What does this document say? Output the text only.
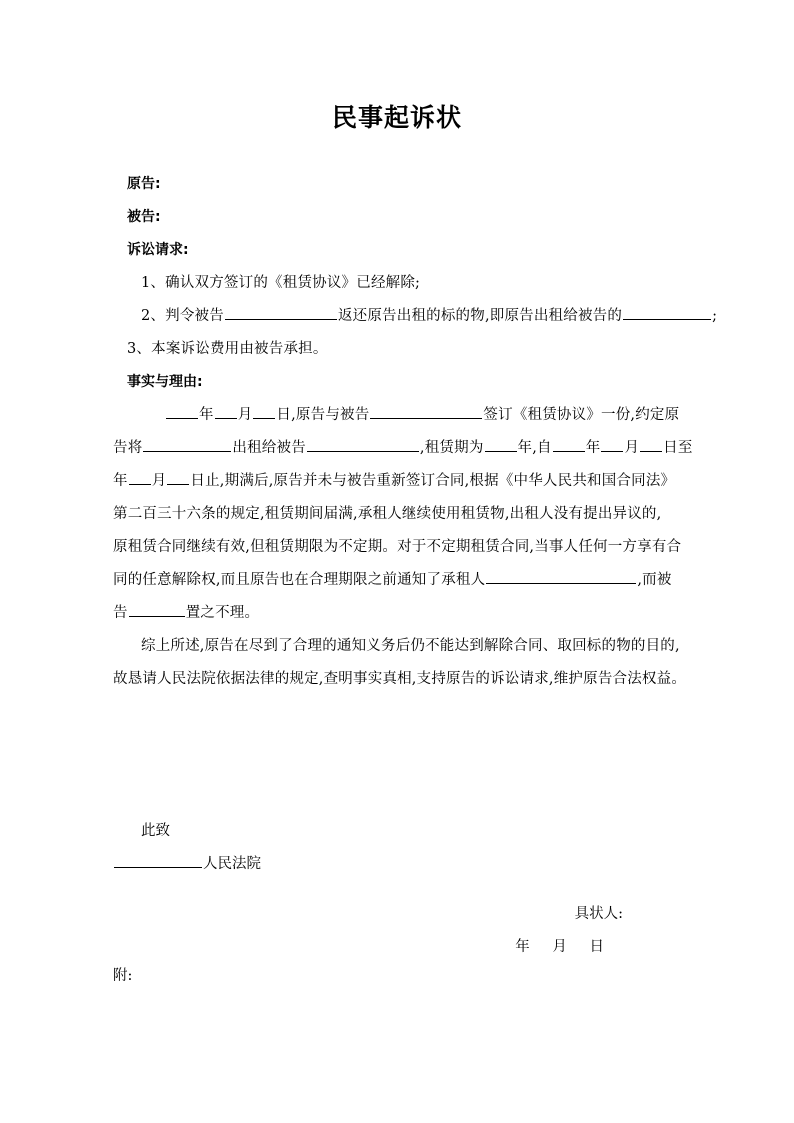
民事起诉状
原告:
被告:
诉讼请求:
1、确认双方签订的《租赁协议》已经解除;
2、判令被告	返还原告出租的标的物,即原告出租给被告的	;
3、本案诉讼费用由被告承担。
事实与理由:
年 月 日,原告与被告	签订《租赁协议》一份,约定原
告将	出租给被告	,租赁期为 年,自 年 月 日至
年 月 日止,期满后,原告并未与被告重新签订合同,根据《中华人民共和国合同法》
第二百三十六条的规定,租赁期间届满,承租人继续使用租赁物,出租人没有提出异议的,
原租赁合同继续有效,但租赁期限为不定期。对于不定期租赁合同,当事人任何一方享有合
同的任意解除权,而且原告也在合理期限之前通知了承租人	,而被
告	置之不理。
综上所述,原告在尽到了合理的通知义务后仍不能达到解除合同、取回标的物的目的,
故恳请人民法院依据法律的规定,查明事实真相,支持原告的诉讼请求,维护原告合法权益。
此致
人民法院
具状人:
年 月 日
附:
